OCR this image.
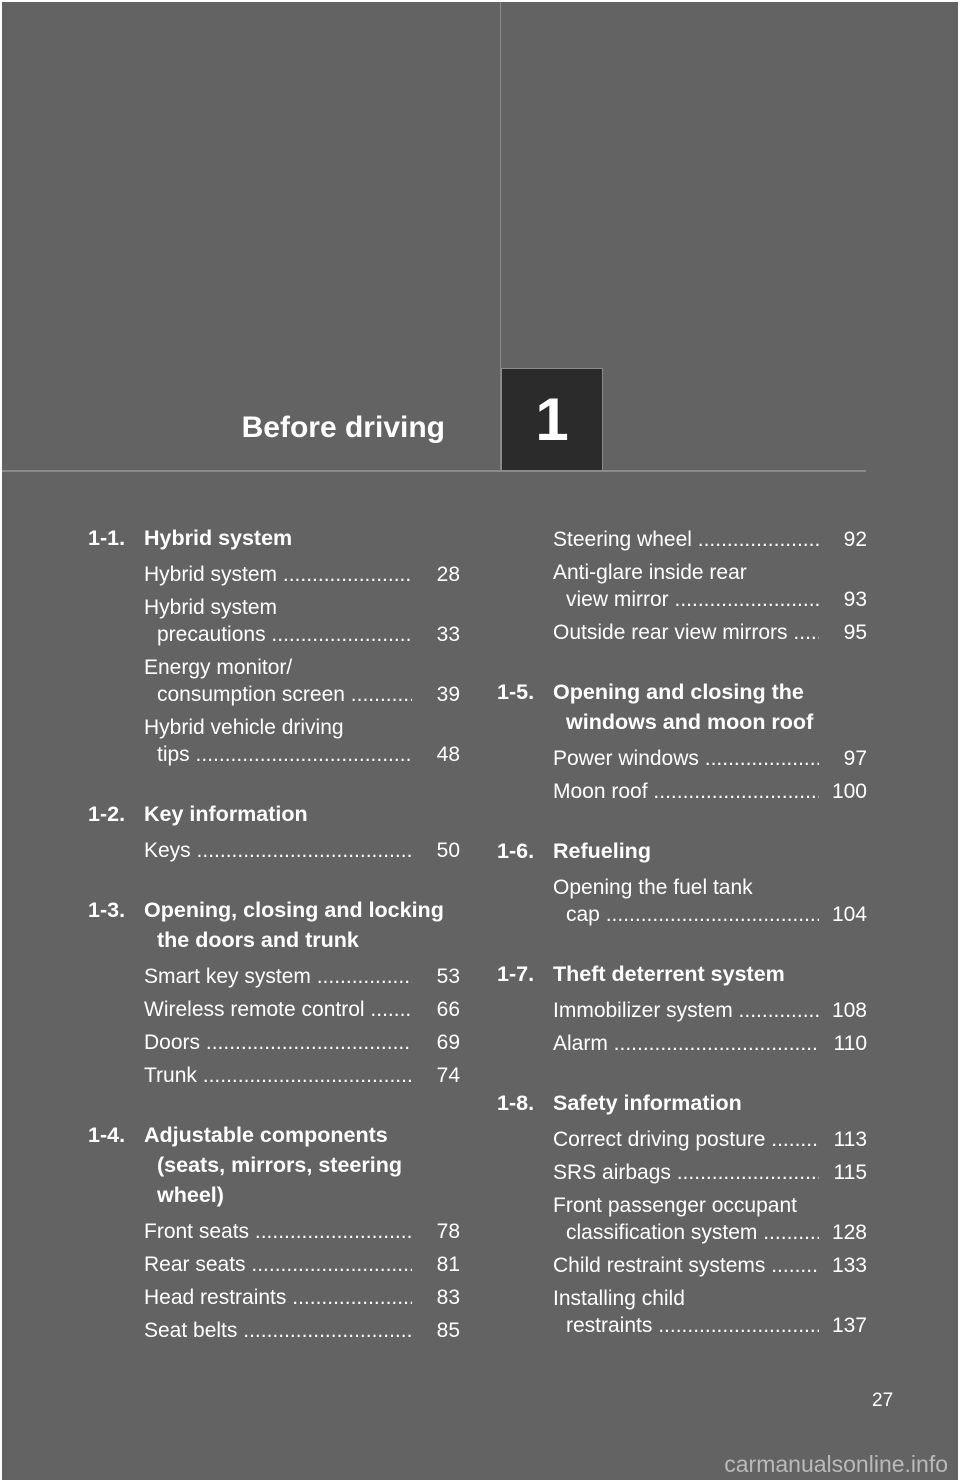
Before driving	1
1-1. Hybrid system
Hybrid system .....	28
Hybrid system
precautions .....	33
Energy monitor/
consumption screen .....	39
Hybrid vehicle driving
tips .....	48
1-2. Key information
Keys .....	50
1-3. Opening, closing and locking the doors and trunk
Smart key system .....	53
Wireless remote control .....	66
Doors .....	69
Trunk .....	74
1-4. Adjustable components (seats, mirrors, steering wheel)
Front seats .....	78
Rear seats .....	81
Head restraints .....	83
Seat belts .....	85
Steering wheel .....	92
Anti-glare inside rear
view mirror .....	93
Outside rear view mirrors .....	95
1-5. Opening and closing the windows and moon roof
Power windows .....	97
Moon roof .....	100
1-6. Refueling
Opening the fuel tank
cap .....	104
1-7. Theft deterrent system
Immobilizer system .....	108
Alarm .....	110
1-8. Safety information
Correct driving posture .....	113
SRS airbags .....	115
Front passenger occupant
classification system .....	128
Child restraint systems .....	133
Installing child
restraints .....	137
27
carmanualsonline.info
